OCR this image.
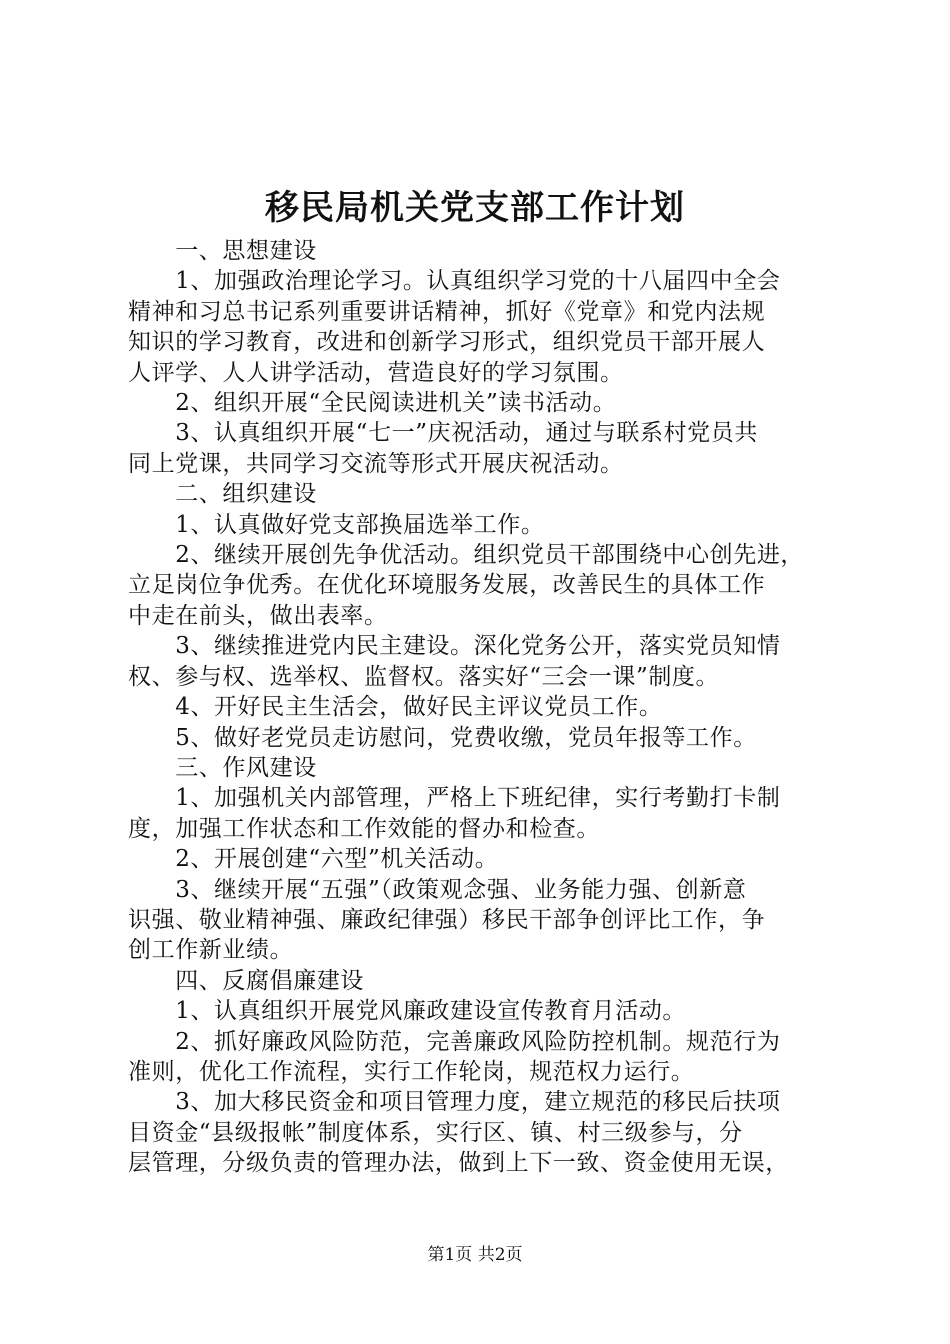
移民局机关党支部工作计划

　　一、思想建设

　　1、加强政治理论学习。认真组织学习党的十八届四中全会

精神和习总书记系列重要讲话精神，抓好《党章》和党内法规

知识的学习教育，改进和创新学习形式，组织党员干部开展人

人评学、人人讲学活动，营造良好的学习氛围。

　　2、组织开展“全民阅读进机关”读书活动。

　　3、认真组织开展“七一”庆祝活动，通过与联系村党员共

同上党课，共同学习交流等形式开展庆祝活动。

　　二、组织建设

　　1、认真做好党支部换届选举工作。

　　2、继续开展创先争优活动。组织党员干部围绕中心创先进，

立足岗位争优秀。在优化环境服务发展，改善民生的具体工作

中走在前头，做出表率。

　　3、继续推进党内民主建设。深化党务公开，落实党员知情

权、参与权、选举权、监督权。落实好“三会一课”制度。

　　4、开好民主生活会，做好民主评议党员工作。

　　5、做好老党员走访慰问，党费收缴，党员年报等工作。

　　三、作风建设

　　1、加强机关内部管理，严格上下班纪律，实行考勤打卡制

度，加强工作状态和工作效能的督办和检查。

　　2、开展创建“六型”机关活动。

　　3、继续开展“五强”（政策观念强、业务能力强、创新意

识强、敬业精神强、廉政纪律强）移民干部争创评比工作，争

创工作新业绩。

　　四、反腐倡廉建设

　　1、认真组织开展党风廉政建设宣传教育月活动。

　　2、抓好廉政风险防范，完善廉政风险防控机制。规范行为

准则，优化工作流程，实行工作轮岗，规范权力运行。

　　3、加大移民资金和项目管理力度，建立规范的移民后扶项

目资金“县级报帐”制度体系，实行区、镇、村三级参与，分

层管理，分级负责的管理办法，做到上下一致、资金使用无误，

第1页 共2页
